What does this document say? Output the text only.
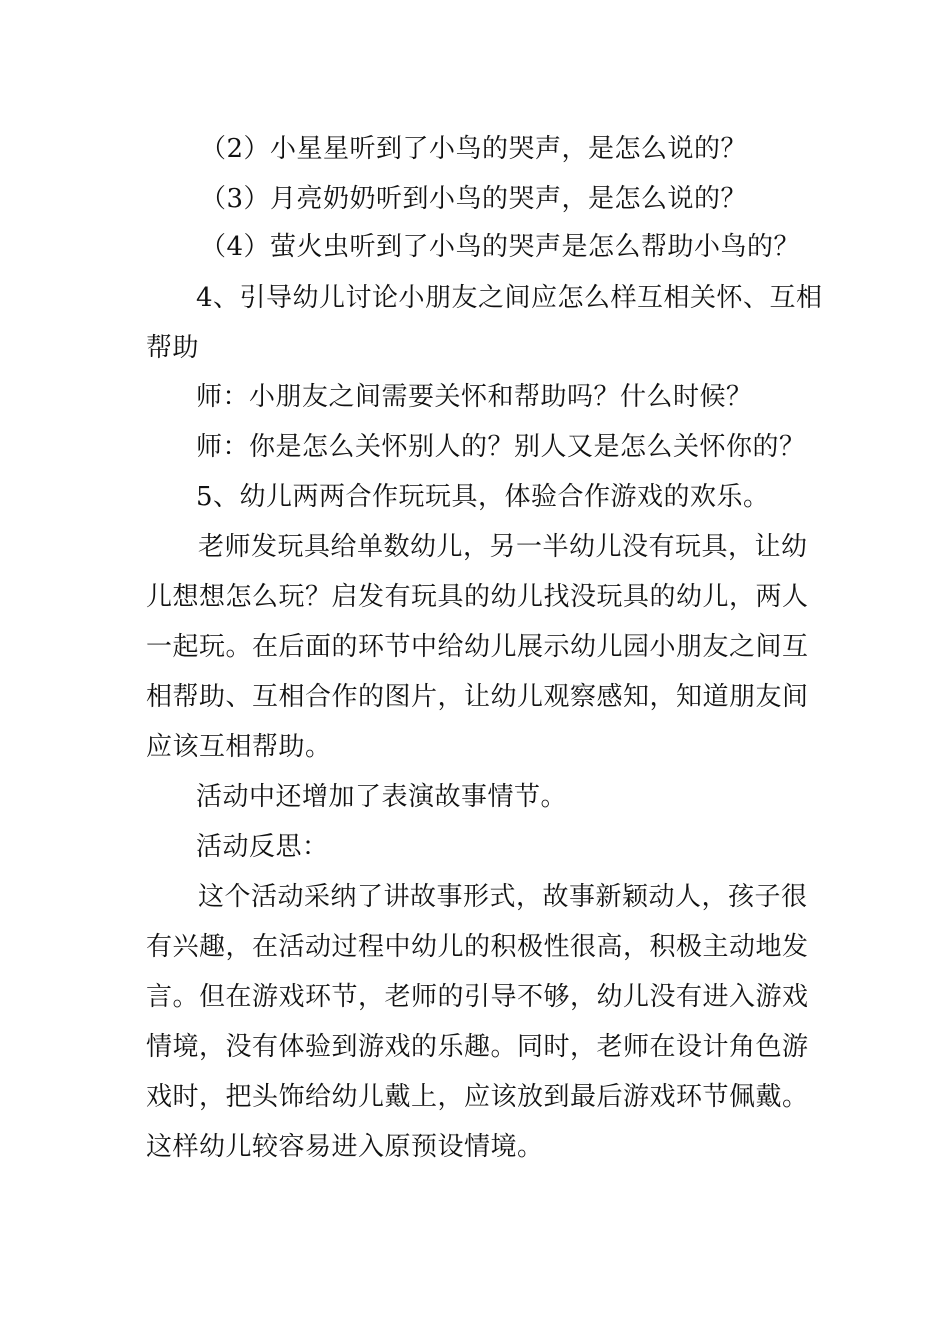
（2）小星星听到了小鸟的哭声，是怎么说的？
（3）月亮奶奶听到小鸟的哭声，是怎么说的？
（4）萤火虫听到了小鸟的哭声是怎么帮助小鸟的？
4、引导幼儿讨论小朋友之间应怎么样互相关怀、互相
帮助
师：小朋友之间需要关怀和帮助吗？什么时候？
师：你是怎么关怀别人的？别人又是怎么关怀你的？
5、幼儿两两合作玩玩具，体验合作游戏的欢乐。
老师发玩具给单数幼儿，另一半幼儿没有玩具，让幼
儿想想怎么玩？启发有玩具的幼儿找没玩具的幼儿，两人
一起玩。在后面的环节中给幼儿展示幼儿园小朋友之间互
相帮助、互相合作的图片，让幼儿观察感知，知道朋友间
应该互相帮助。
活动中还增加了表演故事情节。
活动反思：
这个活动采纳了讲故事形式，故事新颖动人，孩子很
有兴趣，在活动过程中幼儿的积极性很高，积极主动地发
言。但在游戏环节，老师的引导不够，幼儿没有进入游戏
情境，没有体验到游戏的乐趣。同时，老师在设计角色游
戏时，把头饰给幼儿戴上，应该放到最后游戏环节佩戴。
这样幼儿较容易进入原预设情境。
